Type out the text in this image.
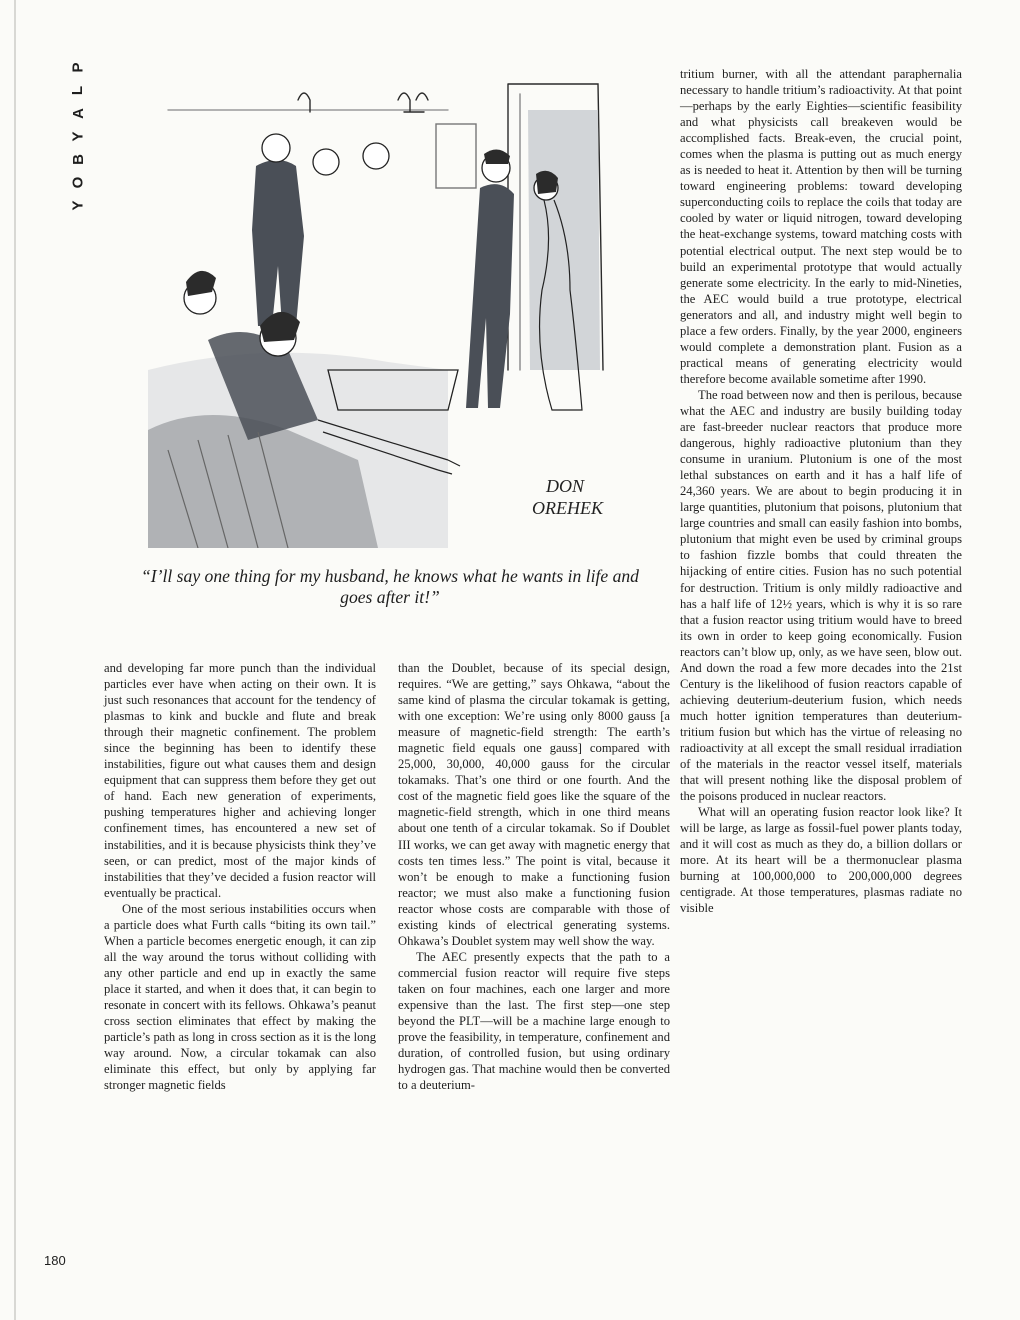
P
L
A
Y
B
O
Y
DON
OREHEK
“I’ll say one thing for my husband, he knows what he wants in life and goes after it!”

and developing far more punch than the individual particles ever have when acting on their own. It is just such resonances that account for the tendency of plasmas to kink and buckle and flute and break through their magnetic confinement. The problem since the beginning has been to identify these instabilities, figure out what causes them and design equipment that can suppress them before they get out of hand. Each new generation of experiments, pushing temperatures higher and achieving longer confinement times, has encountered a new set of instabilities, and it is because physicists think they’ve seen, or can predict, most of the major kinds of instabilities that they’ve decided a fusion reactor will eventually be practical.

One of the most serious instabilities occurs when a particle does what Furth calls “biting its own tail.” When a particle becomes energetic enough, it can zip all the way around the torus without colliding with any other particle and end up in exactly the same place it started, and when it does that, it can begin to resonate in concert with its fellows. Ohkawa’s peanut cross section eliminates that effect by making the particle’s path as long in cross section as it is the long way around. Now, a circular tokamak can also eliminate this effect, but only by applying far stronger magnetic fields

than the Doublet, because of its special design, requires. “We are getting,” says Ohkawa, “about the same kind of plasma the circular tokamak is getting, with one exception: We’re using only 8000 gauss [a measure of magnetic-field strength: The earth’s magnetic field equals one gauss] compared with 25,000, 30,000, 40,000 gauss for the circular tokamaks. That’s one third or one fourth. And the cost of the magnetic field goes like the square of the magnetic-field strength, which in one third means about one tenth of a circular tokamak. So if Doublet III works, we can get away with magnetic energy that costs ten times less.” The point is vital, because it won’t be enough to make a functioning fusion reactor; we must also make a functioning fusion reactor whose costs are comparable with those of existing kinds of electrical generating systems. Ohkawa’s Doublet system may well show the way.

The AEC presently expects that the path to a commercial fusion reactor will require five steps taken on four machines, each one larger and more expensive than the last. The first step—one step beyond the PLT—will be a machine large enough to prove the feasibility, in temperature, confinement and duration, of controlled fusion, but using ordinary hydrogen gas. That machine would then be converted to a deuterium-

tritium burner, with all the attendant paraphernalia necessary to handle tritium’s radioactivity. At that point—perhaps by the early Eighties—scientific feasibility and what physicists call breakeven would be accomplished facts. Break-even, the crucial point, comes when the plasma is putting out as much energy as is needed to heat it. Attention by then will be turning toward engineering problems: toward developing superconducting coils to replace the coils that today are cooled by water or liquid nitrogen, toward developing the heat-exchange systems, toward matching costs with potential electrical output. The next step would be to build an experimental prototype that would actually generate some electricity. In the early to mid-Nineties, the AEC would build a true prototype, electrical generators and all, and industry might well begin to place a few orders. Finally, by the year 2000, engineers would complete a demonstration plant. Fusion as a practical means of generating electricity would therefore become available sometime after 1990.

The road between now and then is perilous, because what the AEC and industry are busily building today are fast-breeder nuclear reactors that produce more dangerous, highly radioactive plutonium than they consume in uranium. Plutonium is one of the most lethal substances on earth and it has a half life of 24,360 years. We are about to begin producing it in large quantities, plutonium that poisons, plutonium that large countries and small can easily fashion into bombs, plutonium that might even be used by criminal groups to fashion fizzle bombs that could threaten the hijacking of entire cities. Fusion has no such potential for destruction. Tritium is only mildly radioactive and has a half life of 12½ years, which is why it is so rare that a fusion reactor using tritium would have to breed its own in order to keep going economically. Fusion reactors can’t blow up, only, as we have seen, blow out. And down the road a few more decades into the 21st Century is the likelihood of fusion reactors capable of achieving deuterium-deuterium fusion, which needs much hotter ignition temperatures than deuterium-tritium fusion but which has the virtue of releasing no radioactivity at all except the small residual irradiation of the materials in the reactor vessel itself, materials that will present nothing like the disposal problem of the poisons produced in nuclear reactors.

What will an operating fusion reactor look like? It will be large, as large as fossil-fuel power plants today, and it will cost as much as they do, a billion dollars or more. At its heart will be a thermonuclear plasma burning at 100,000,000 to 200,000,000 degrees centigrade. At those temperatures, plasmas radiate no visible

180
